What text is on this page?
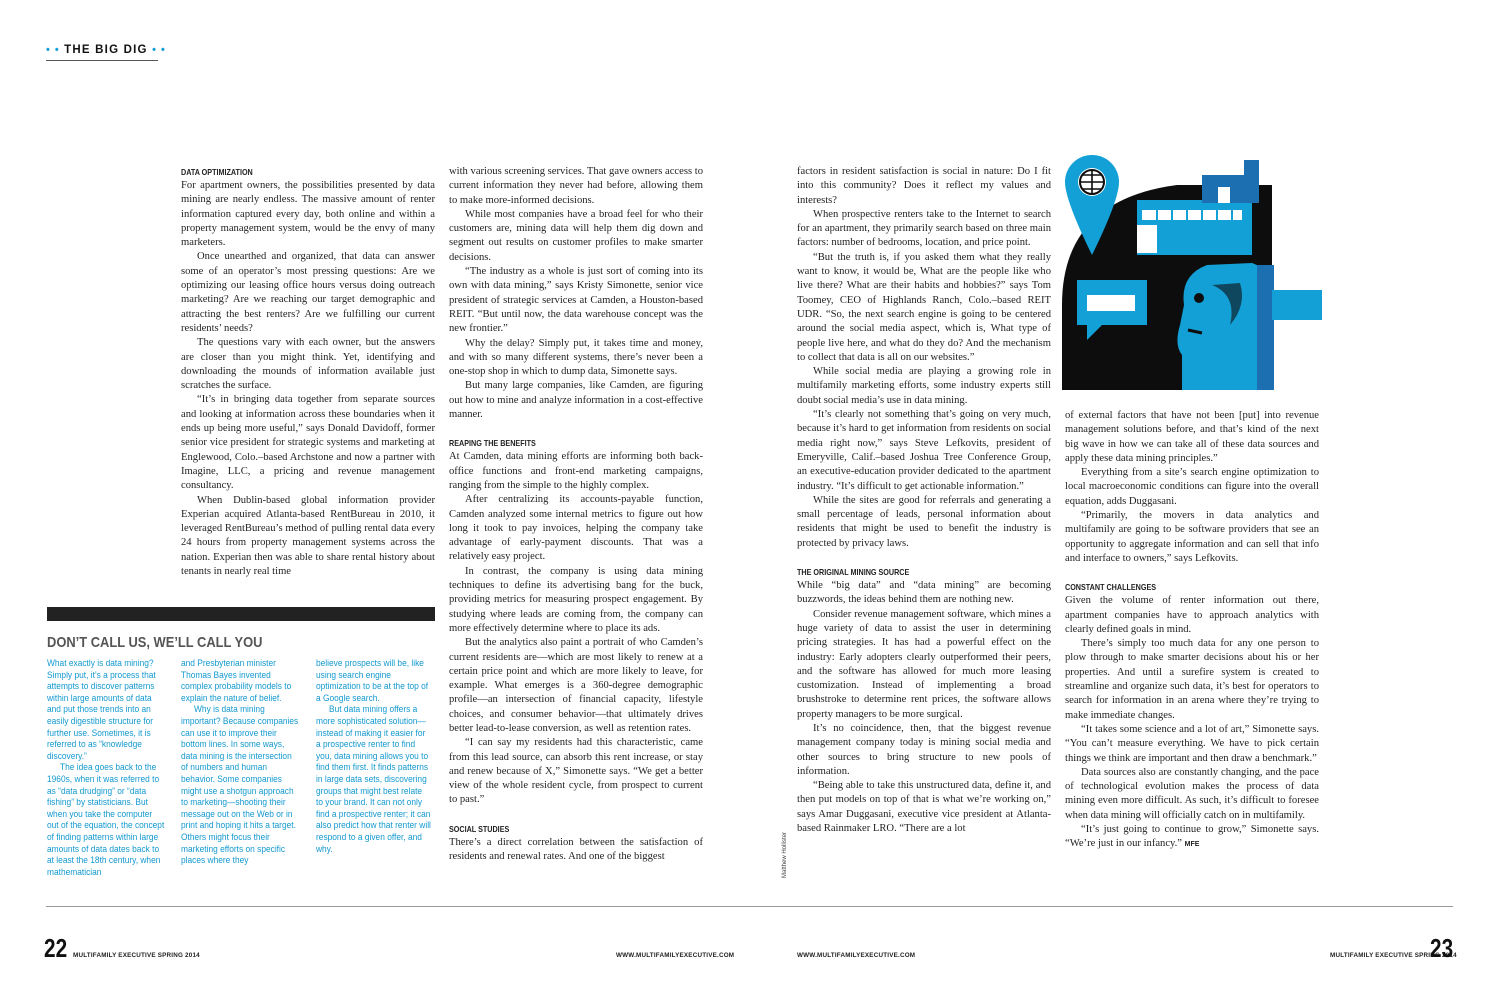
• • THE BIG DIG • •
DATA OPTIMIZATION

For apartment owners, the possibilities presented by data mining are nearly endless. The massive amount of renter information captured every day, both online and within a property management system, would be the envy of many marketers.

Once unearthed and organized, that data can answer some of an operator’s most pressing questions: Are we optimizing our leasing office hours versus doing outreach marketing? Are we reaching our target demographic and attracting the best renters? Are we fulfilling our current residents’ needs?

The questions vary with each owner, but the answers are closer than you might think. Yet, identifying and downloading the mounds of information available just scratches the surface.

“It’s in bringing data together from separate sources and looking at information across these boundaries when it ends up being more useful,” says Donald Davidoff, former senior vice president for strategic systems and marketing at Englewood, Colo.–based Archstone and now a partner with Imagine, LLC, a pricing and revenue management consultancy.

When Dublin-based global information provider Experian acquired Atlanta-based RentBureau in 2010, it leveraged RentBureau’s method of pulling rental data every 24 hours from property management systems across the nation. Experian then was able to share rental history about tenants in nearly real time

DON’T CALL US, WE’LL CALL YOU

What exactly is data mining? Simply put, it’s a process that attempts to discover patterns within large amounts of data and put those trends into an easily digestible structure for further use. Sometimes, it is referred to as “knowledge discovery.”

The idea goes back to the 1960s, when it was referred to as “data drudging” or “data fishing” by statisticians. But when you take the computer out of the equation, the concept of finding patterns within large amounts of data dates back to at least the 18th century, when mathematician

and Presbyterian minister Thomas Bayes invented complex probability models to explain the nature of belief.

Why is data mining important? Because companies can use it to improve their bottom lines. In some ways, data mining is the intersection of numbers and human behavior. Some companies might use a shotgun approach to marketing—shooting their message out on the Web or in print and hoping it hits a target. Others might focus their marketing efforts on specific places where they

believe prospects will be, like using search engine optimization to be at the top of a Google search.

But data mining offers a more sophisticated solution—instead of making it easier for a prospective renter to find you, data mining allows you to find them first. It finds patterns in large data sets, discovering groups that might best relate to your brand. It can not only find a prospective renter; it can also predict how that renter will respond to a given offer, and why.

with various screening services. That gave owners access to current information they never had before, allowing them to make more-informed decisions.

While most companies have a broad feel for who their customers are, mining data will help them dig down and segment out results on customer profiles to make smarter decisions.

“The industry as a whole is just sort of coming into its own with data mining,” says Kristy Simonette, senior vice president of strategic services at Camden, a Houston-based REIT. “But until now, the data warehouse concept was the new frontier.”

Why the delay? Simply put, it takes time and money, and with so many different systems, there’s never been a one-stop shop in which to dump data, Simonette says.

But many large companies, like Camden, are figuring out how to mine and analyze information in a cost-effective manner.

REAPING THE BENEFITS

At Camden, data mining efforts are informing both back-office functions and front-end marketing campaigns, ranging from the simple to the highly complex.

After centralizing its accounts-payable function, Camden analyzed some internal metrics to figure out how long it took to pay invoices, helping the company take advantage of early-payment discounts. That was a relatively easy project.

In contrast, the company is using data mining techniques to define its advertising bang for the buck, providing metrics for measuring prospect engagement. By studying where leads are coming from, the company can more effectively determine where to place its ads.

But the analytics also paint a portrait of who Camden’s current residents are—which are most likely to renew at a certain price point and which are more likely to leave, for example. What emerges is a 360-degree demographic profile—an intersection of financial capacity, lifestyle choices, and consumer behavior—that ultimately drives better lead-to-lease conversion, as well as retention rates.

“I can say my residents had this characteristic, came from this lead source, can absorb this rent increase, or stay and renew because of X,” Simonette says. “We get a better view of the whole resident cycle, from prospect to current to past.”

SOCIAL STUDIES

There’s a direct correlation between the satisfaction of residents and renewal rates. And one of the biggest

factors in resident satisfaction is social in nature: Do I fit into this community? Does it reflect my values and interests?

When prospective renters take to the Internet to search for an apartment, they primarily search based on three main factors: number of bedrooms, location, and price point.

“But the truth is, if you asked them what they really want to know, it would be, What are the people like who live there? What are their habits and hobbies?” says Tom Toomey, CEO of Highlands Ranch, Colo.–based REIT UDR. “So, the next search engine is going to be centered around the social media aspect, which is, What type of people live here, and what do they do? And the mechanism to collect that data is all on our websites.”

While social media are playing a growing role in multifamily marketing efforts, some industry experts still doubt social media’s use in data mining.

“It’s clearly not something that’s going on very much, because it’s hard to get information from residents on social media right now,” says Steve Lefkovits, president of Emeryville, Calif.–based Joshua Tree Conference Group, an executive-education provider dedicated to the apartment industry. “It’s difficult to get actionable information.”

While the sites are good for referrals and generating a small percentage of leads, personal information about residents that might be used to benefit the industry is protected by privacy laws.

THE ORIGINAL MINING SOURCE

While “big data” and “data mining” are becoming buzzwords, the ideas behind them are nothing new.

Consider revenue management software, which mines a huge variety of data to assist the user in determining pricing strategies. It has had a powerful effect on the industry: Early adopters clearly outperformed their peers, and the software has allowed for much more leasing customization. Instead of implementing a broad brushstroke to determine rent prices, the software allows property managers to be more surgical.

It’s no coincidence, then, that the biggest revenue management company today is mining social media and other sources to bring structure to new pools of information.

“Being able to take this unstructured data, define it, and then put models on top of that is what we’re working on,” says Amar Duggasani, executive vice president at Atlanta-based Rainmaker LRO. “There are a lot

Matthew Hollister

of external factors that have not been [put] into revenue management solutions before, and that’s kind of the next big wave in how we can take all of these data sources and apply these data mining principles.”

Everything from a site’s search engine optimization to local macroeconomic conditions can figure into the overall equation, adds Duggasani.

“Primarily, the movers in data analytics and multifamily are going to be software providers that see an opportunity to aggregate information and can sell that info and interface to owners,” says Lefkovits.

CONSTANT CHALLENGES

Given the volume of renter information out there, apartment companies have to approach analytics with clearly defined goals in mind.

There’s simply too much data for any one person to plow through to make smarter decisions about his or her properties. And until a surefire system is created to streamline and organize such data, it’s best for operators to search for information in an arena where they’re trying to make immediate changes.

“It takes some science and a lot of art,” Simonette says. “You can’t measure everything. We have to pick certain things we think are important and then draw a benchmark.”

Data sources also are constantly changing, and the pace of technological evolution makes the process of data mining even more difficult. As such, it’s difficult to foresee when data mining will officially catch on in multifamily.

“It’s just going to continue to grow,” Simonette says. “We’re just in our infancy.” MFE

22 MULTIFAMILY EXECUTIVE SPRING 2014	WWW.MULTIFAMILYEXECUTIVE.COM	WWW.MULTIFAMILYEXECUTIVE.COM	MULTIFAMILY EXECUTIVE SPRING 2014
23
